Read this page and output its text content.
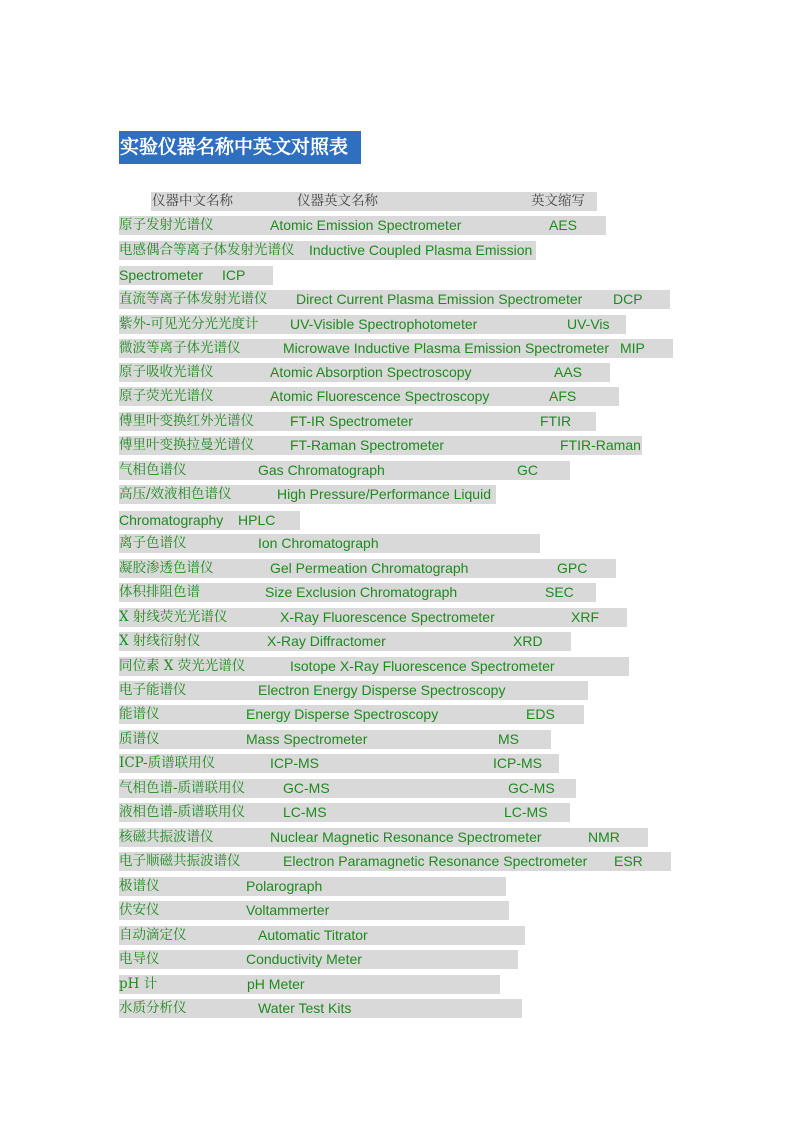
实验仪器名称中英文对照表
仪器中文名称	仪器英文名称	英文缩写
原子发射光谱仪	Atomic Emission Spectrometer	AES
电感偶合等离子体发射光谱仪 Inductive Coupled Plasma Emission
Spectrometer ICP
直流等离子体发射光谱仪 Direct Current Plasma Emission Spectrometer DCP
紫外-可见光分光光度计 UV-Visible Spectrophotometer	UV-Vis
微波等离子体光谱仪	Microwave Inductive Plasma Emission Spectrometer MIP
原子吸收光谱仪	Atomic Absorption Spectroscopy	AAS
原子荧光光谱仪	Atomic Fluorescence Spectroscopy	AFS
傅里叶变换红外光谱仪	FT-IR Spectrometer	FTIR
傅里叶变换拉曼光谱仪	FT-Raman Spectrometer	FTIR-Raman
气相色谱仪	Gas Chromatograph	GC
高压/效液相色谱仪	High Pressure/Performance Liquid
Chromatography HPLC
离子色谱仪	Ion Chromatograph
凝胶渗透色谱仪	Gel Permeation Chromatograph	GPC
体积排阻色谱	Size Exclusion Chromatograph	SEC
X 射线荧光光谱仪	X-Ray Fluorescence Spectrometer	XRF
X 射线衍射仪	X-Ray Diffractomer	XRD
同位素 X 荧光光谱仪	Isotope X-Ray Fluorescence Spectrometer
电子能谱仪	Electron Energy Disperse Spectroscopy
能谱仪	Energy Disperse Spectroscopy	EDS
质谱仪	Mass Spectrometer	MS
ICP-质谱联用仪	ICP-MS	ICP-MS
气相色谱-质谱联用仪	GC-MS	GC-MS
液相色谱-质谱联用仪	LC-MS	LC-MS
核磁共振波谱仪	Nuclear Magnetic Resonance Spectrometer	NMR
电子顺磁共振波谱仪	Electron Paramagnetic Resonance Spectrometer ESR
极谱仪	Polarograph
伏安仪	Voltammerter
自动滴定仪	Automatic Titrator
电导仪	Conductivity Meter
pH 计	pH Meter
水质分析仪	Water Test Kits
